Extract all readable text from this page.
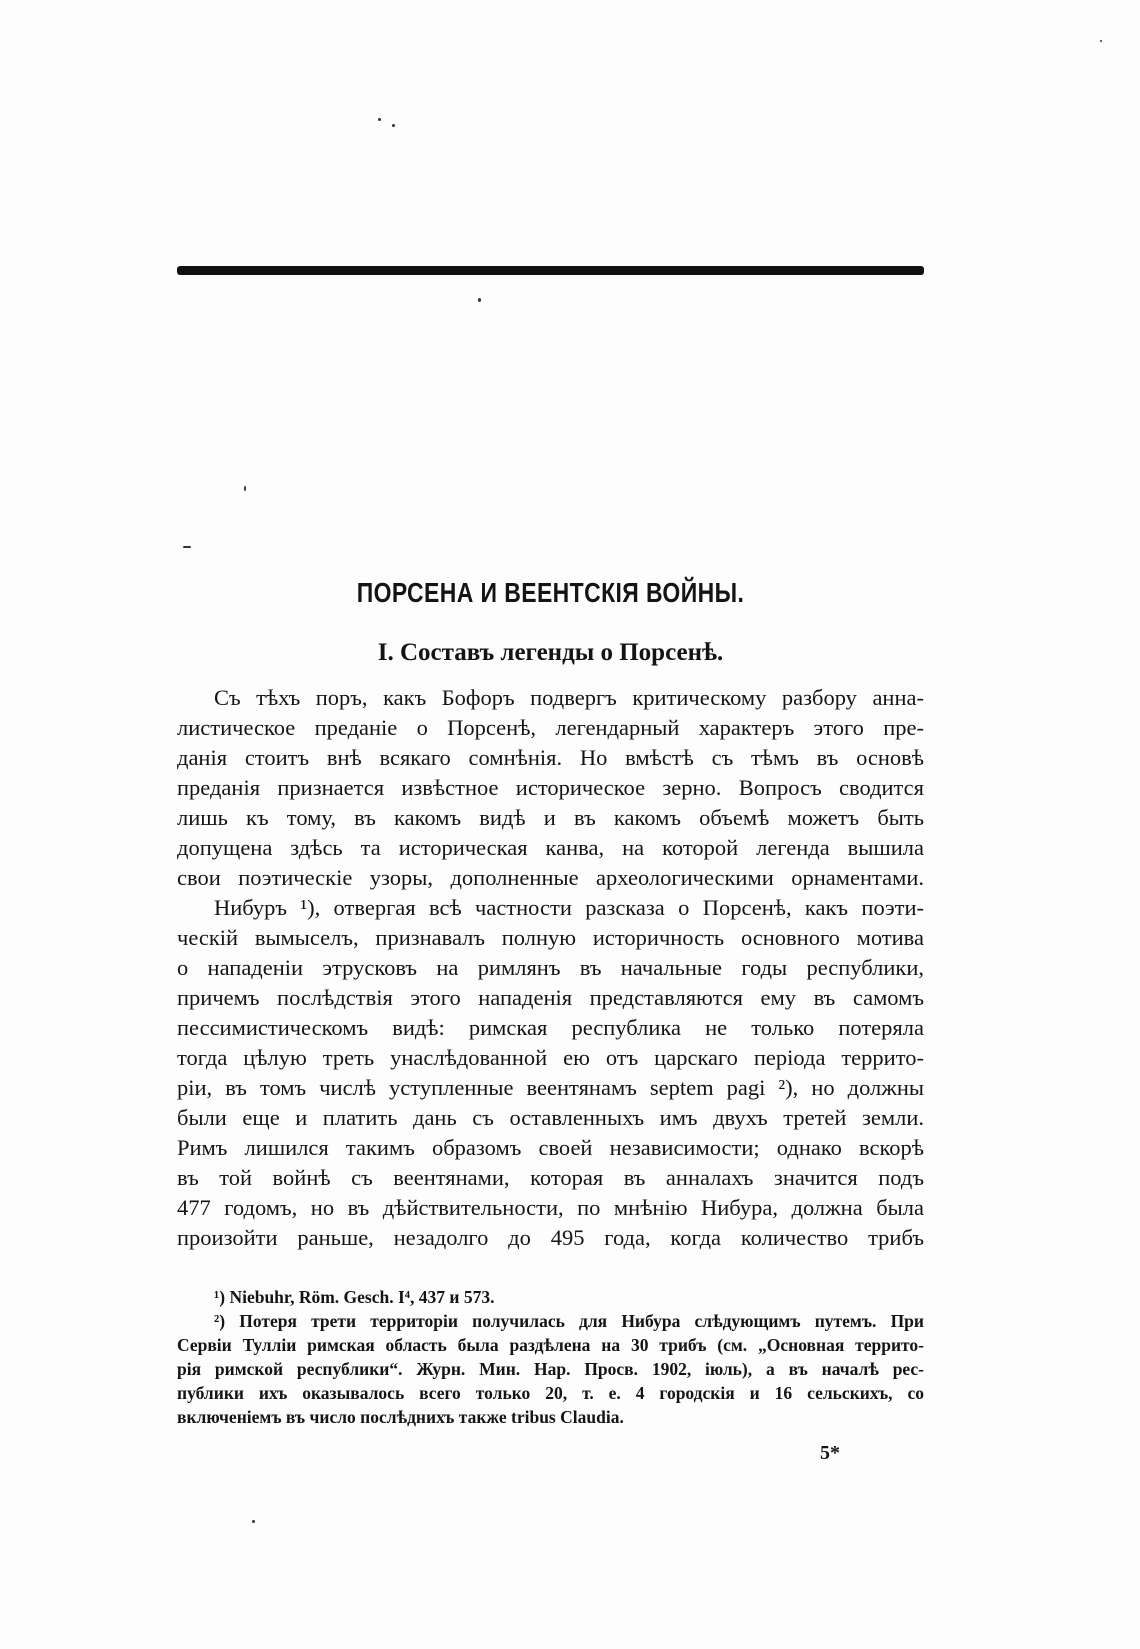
ПОРСЕНА И ВЕЕНТСКІЯ ВОЙНЫ.
I. Составъ легенды о Порсенѣ.
Съ тѣхъ поръ, какъ Бофоръ подвергъ критическому разбору анна-
листическое преданіе о Порсенѣ, легендарный характеръ этого пре-
данія стоитъ внѣ всякаго сомнѣнія. Но вмѣстѣ съ тѣмъ въ основѣ
преданія признается извѣстное историческое зерно. Вопросъ сводится
лишь къ тому, въ какомъ видѣ и въ какомъ объемѣ можетъ быть
допущена здѣсь та историческая канва, на которой легенда вышила
свои поэтическіе узоры, дополненные археологическими орнаментами.
Нибуръ ¹), отвергая всѣ частности разсказа о Порсенѣ, какъ поэти-
ческій вымыселъ, признавалъ полную историчность основного мотива
о нападеніи этрусковъ на римлянъ въ начальные годы республики,
причемъ послѣдствія этого нападенія представляются ему въ самомъ
пессимистическомъ видѣ: римская республика не только потеряла
тогда цѣлую треть унаслѣдованной ею отъ царскаго періода террито-
ріи, въ томъ числѣ уступленные веентянамъ septem pagi ²), но должны
были еще и платить дань съ оставленныхъ имъ двухъ третей земли.
Римъ лишился такимъ образомъ своей независимости; однако вскорѣ
въ той войнѣ съ веентянами, которая въ анналахъ значится подъ
477 годомъ, но въ дѣйствительности, по мнѣнію Нибура, должна была
произойти раньше, незадолго до 495 года, когда количество трибъ
¹) Niebuhr, Röm. Gesch. I⁴, 437 и 573.
²) Потеря трети территоріи получилась для Нибура слѣдующимъ путемъ. При
Сервіи Тулліи римская область была раздѣлена на 30 трибъ (см. „Основная террито-
рія римской республики“. Журн. Мин. Нар. Просв. 1902, іюль), а въ началѣ рес-
публики ихъ оказывалось всего только 20, т. е. 4 городскія и 16 сельскихъ, со
включеніемъ въ число послѣднихъ также tribus Claudia.
5*
